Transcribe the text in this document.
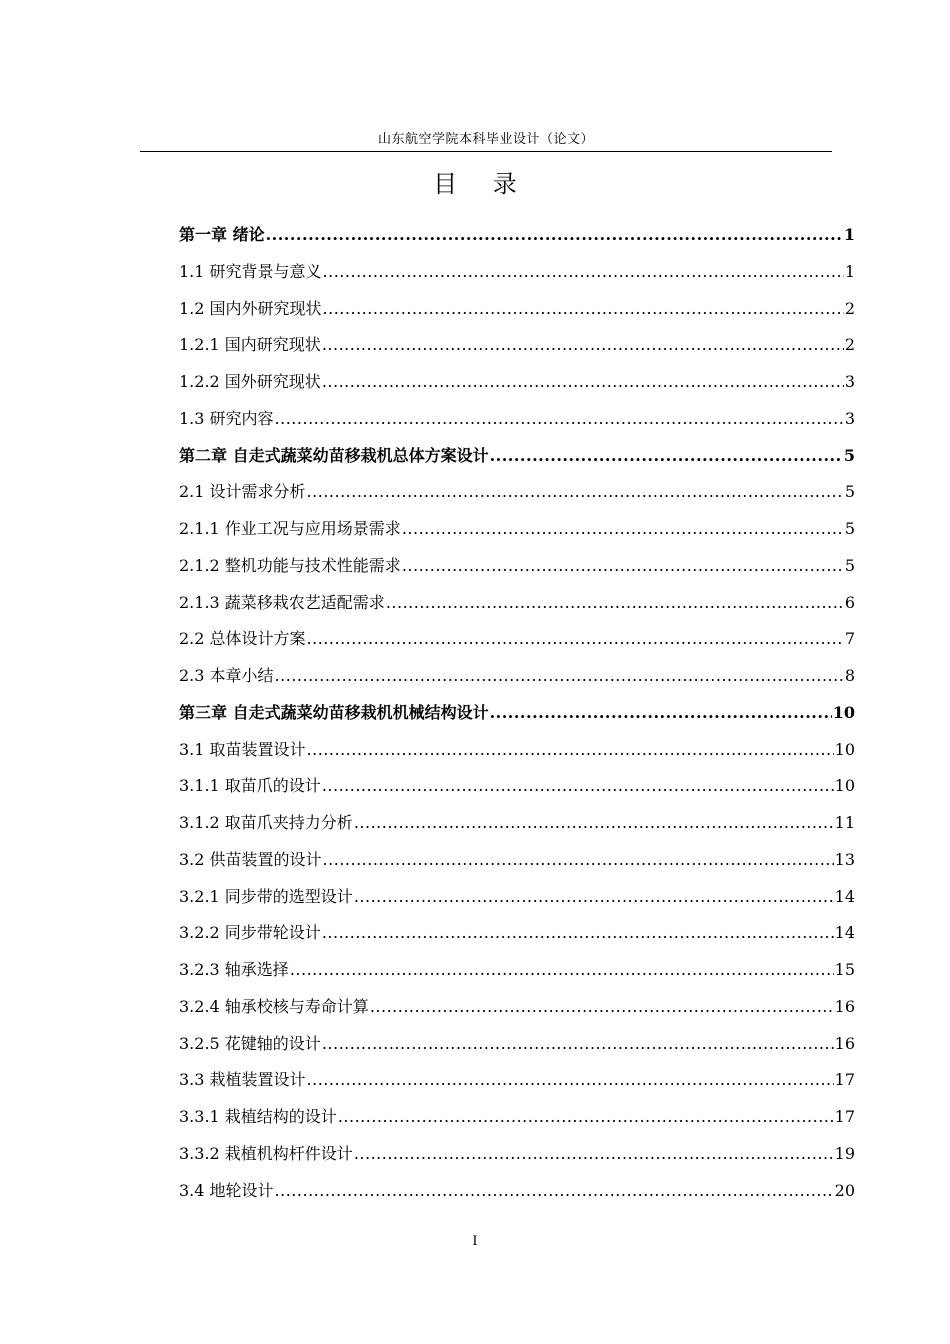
山东航空学院本科毕业设计（论文）
目 录
第一章 绪论 .....	1
1.1 研究背景与意义 .....	1
1.2 国内外研究现状 .....	2
1.2.1 国内研究现状 .....	2
1.2.2 国外研究现状 .....	3
1.3 研究内容 .....	3
第二章 自走式蔬菜幼苗移栽机总体方案设计 .....	5
2.1 设计需求分析 .....	5
2.1.1 作业工况与应用场景需求 .....	5
2.1.2 整机功能与技术性能需求 .....	5
2.1.3 蔬菜移栽农艺适配需求 .....	6
2.2 总体设计方案 .....	7
2.3 本章小结 .....	8
第三章 自走式蔬菜幼苗移栽机机械结构设计 .....	10
3.1 取苗装置设计 .....	10
3.1.1 取苗爪的设计 .....	10
3.1.2 取苗爪夹持力分析 .....	11
3.2 供苗装置的设计 .....	13
3.2.1 同步带的选型设计 .....	14
3.2.2 同步带轮设计 .....	14
3.2.3 轴承选择 .....	15
3.2.4 轴承校核与寿命计算 .....	16
3.2.5 花键轴的设计 .....	16
3.3 栽植装置设计 .....	17
3.3.1 栽植结构的设计 .....	17
3.3.2 栽植机构杆件设计 .....	19
3.4 地轮设计 .....	20
I
